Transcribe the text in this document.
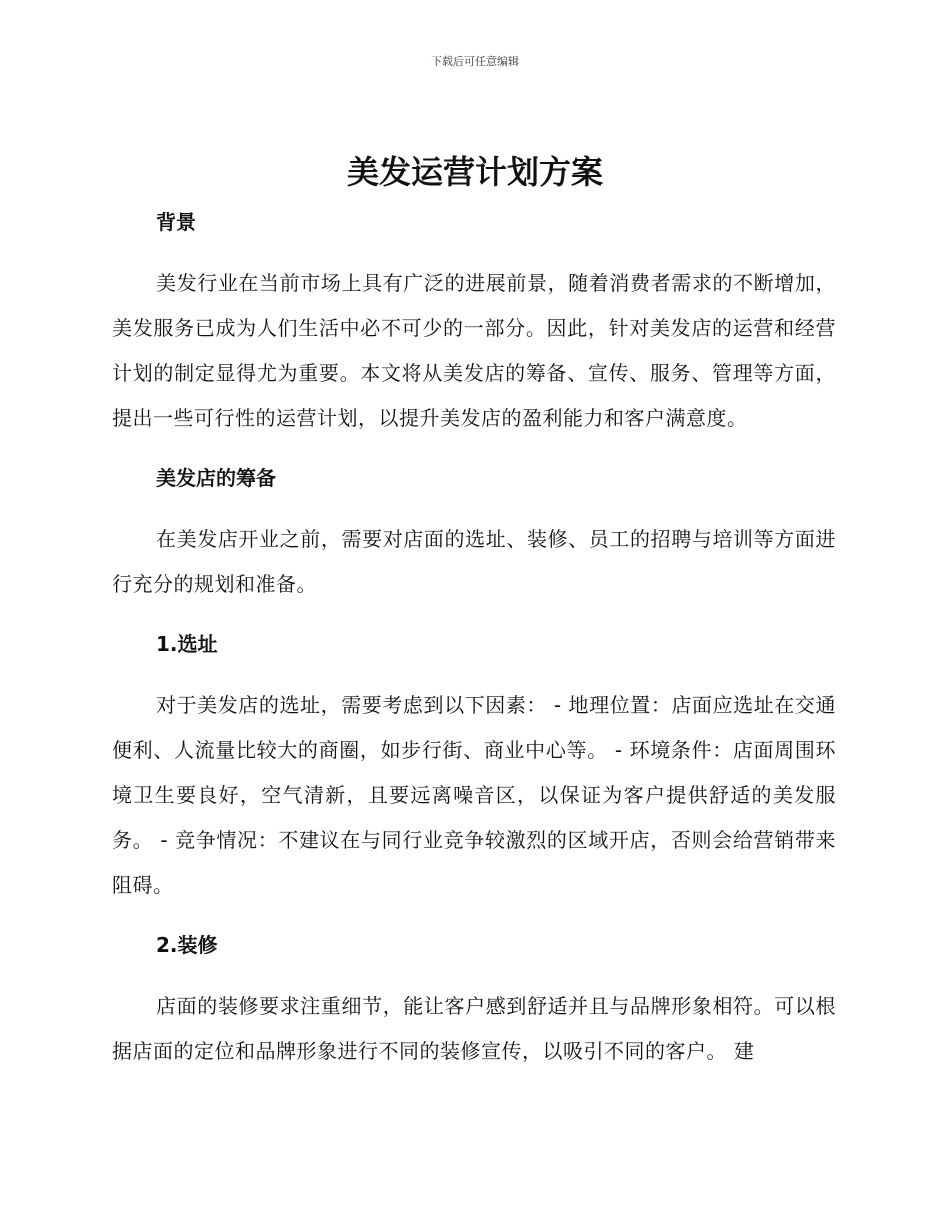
下载后可任意编辑
美发运营计划方案
背景

美发行业在当前市场上具有广泛的进展前景，随着消费者需求的不断增加，美发服务已成为人们生活中必不可少的一部分。因此，针对美发店的运营和经营计划的制定显得尤为重要。本文将从美发店的筹备、宣传、服务、管理等方面，提出一些可行性的运营计划，以提升美发店的盈利能力和客户满意度。

美发店的筹备

在美发店开业之前，需要对店面的选址、装修、员工的招聘与培训等方面进行充分的规划和准备。

1.选址

对于美发店的选址，需要考虑到以下因素： - 地理位置：店面应选址在交通便利、人流量比较大的商圈，如步行街、商业中心等。 - 环境条件：店面周围环境卫生要良好，空气清新，且要远离噪音区，以保证为客户提供舒适的美发服务。 - 竞争情况：不建议在与同行业竞争较激烈的区域开店，否则会给营销带来阻碍。

2.装修

店面的装修要求注重细节，能让客户感到舒适并且与品牌形象相符。可以根据店面的定位和品牌形象进行不同的装修宣传，以吸引不同的客户。 建
